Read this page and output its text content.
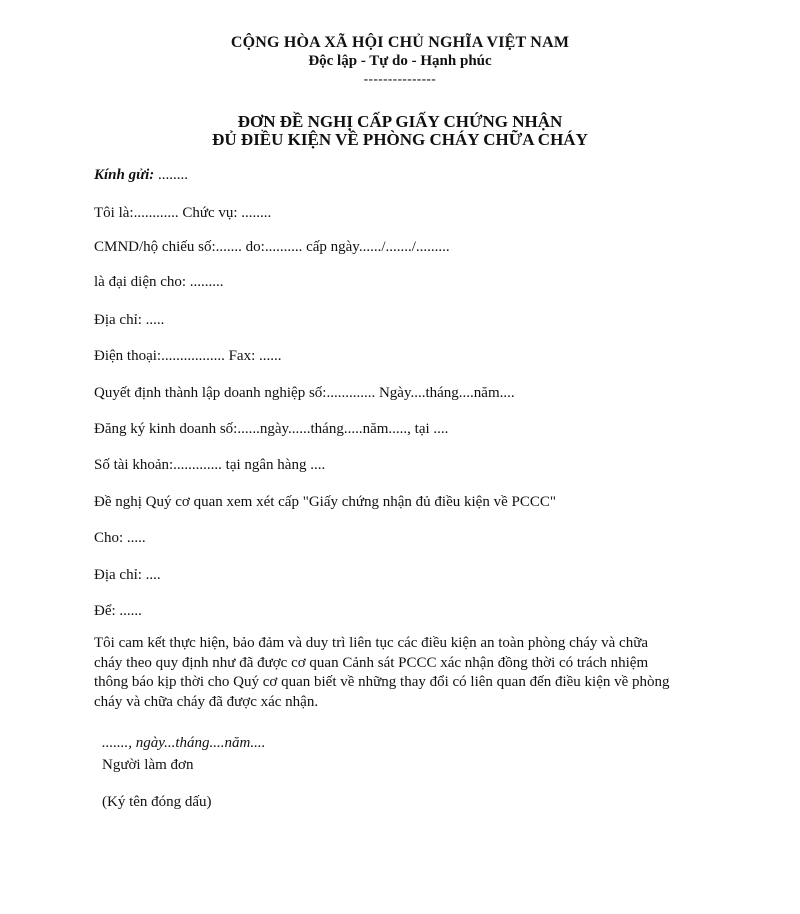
CỘNG HÒA XÃ HỘI CHỦ NGHĨA VIỆT NAM
Độc lập - Tự do - Hạnh phúc
---------------
ĐƠN ĐỀ NGHỊ CẤP GIẤY CHỨNG NHẬN
ĐỦ ĐIỀU KIỆN VỀ PHÒNG CHÁY CHỮA CHÁY
Kính gửi: ........
Tôi là:............ Chức vụ: ........
CMND/hộ chiếu số:....... do:.......... cấp ngày....../......./.........
là đại diện cho: .........
Địa chỉ: .....
Điện thoại:................. Fax: ......
Quyết định thành lập doanh nghiệp số:............. Ngày....tháng....năm....
Đăng ký kinh doanh số:......ngày......tháng.....năm....., tại ....
Số tài khoản:............. tại ngân hàng ....
Đề nghị Quý cơ quan xem xét cấp "Giấy chứng nhận đủ điều kiện về PCCC"
Cho: .....
Địa chỉ: ....
Để: ......
Tôi cam kết thực hiện, bảo đảm và duy trì liên tục các điều kiện an toàn phòng cháy và chữa
cháy theo quy định như đã được cơ quan Cảnh sát PCCC xác nhận đồng thời có trách nhiệm
thông báo kịp thời cho Quý cơ quan biết về những thay đổi có liên quan đến điều kiện về phòng
cháy và chữa cháy đã được xác nhận.
......., ngày...tháng....năm....
Người làm đơn
(Ký tên đóng dấu)
